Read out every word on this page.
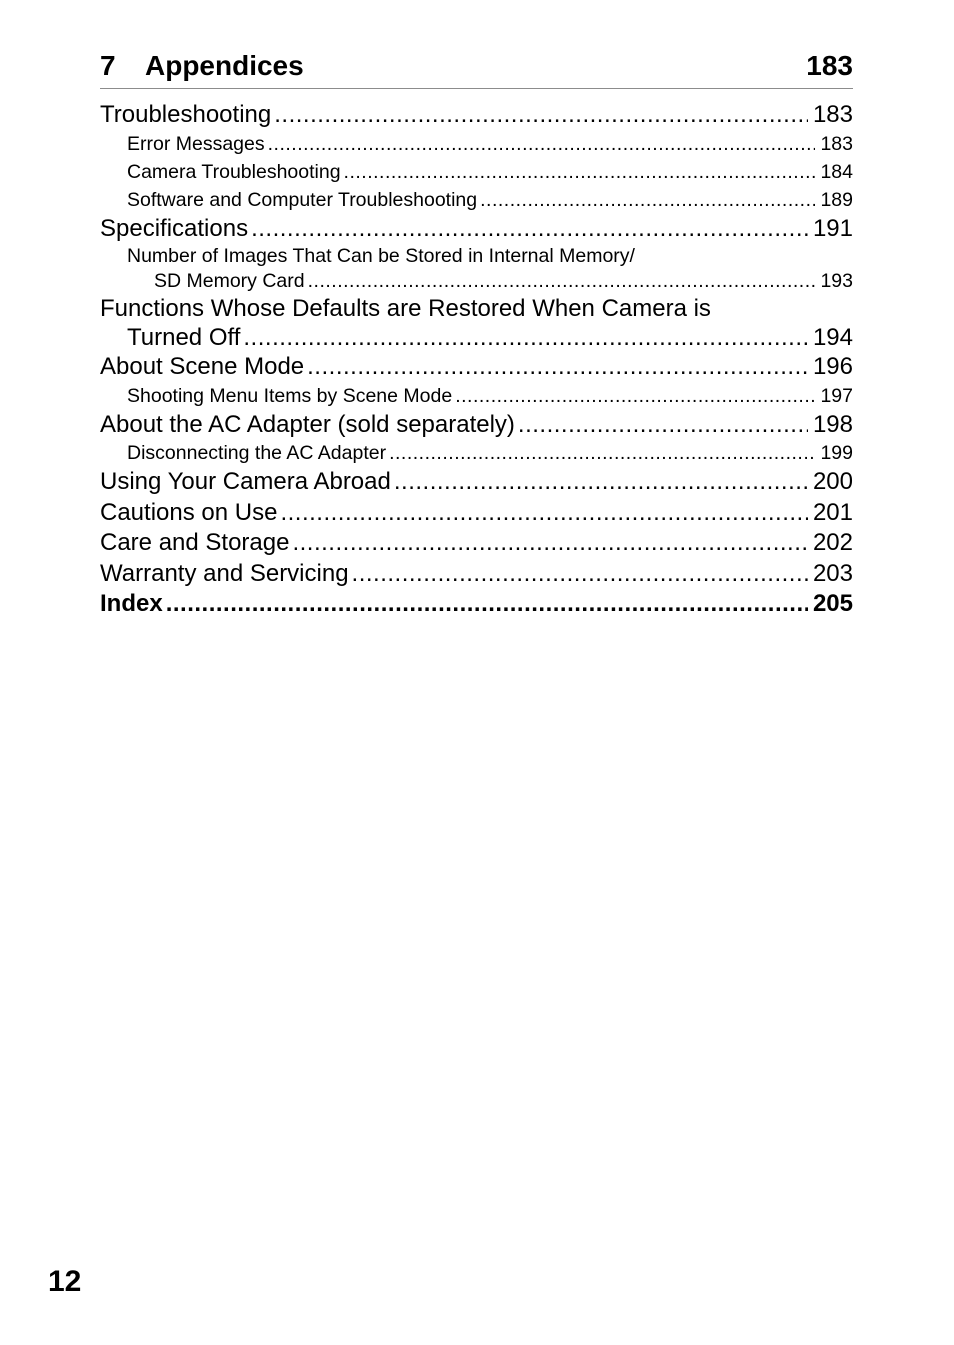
7 Appendices	183
Troubleshooting .....	183
Error Messages .....	183
Camera Troubleshooting .....	184
Software and Computer Troubleshooting .....	189
Specifications .....	191
Number of Images That Can be Stored in Internal Memory/
SD Memory Card .....	193
Functions Whose Defaults are Restored When Camera is
Turned Off .....	194
About Scene Mode .....	196
Shooting Menu Items by Scene Mode .....	197
About the AC Adapter (sold separately) .....	198
Disconnecting the AC Adapter .....	199
Using Your Camera Abroad .....	200
Cautions on Use .....	201
Care and Storage .....	202
Warranty and Servicing .....	203
Index .....	205
12
